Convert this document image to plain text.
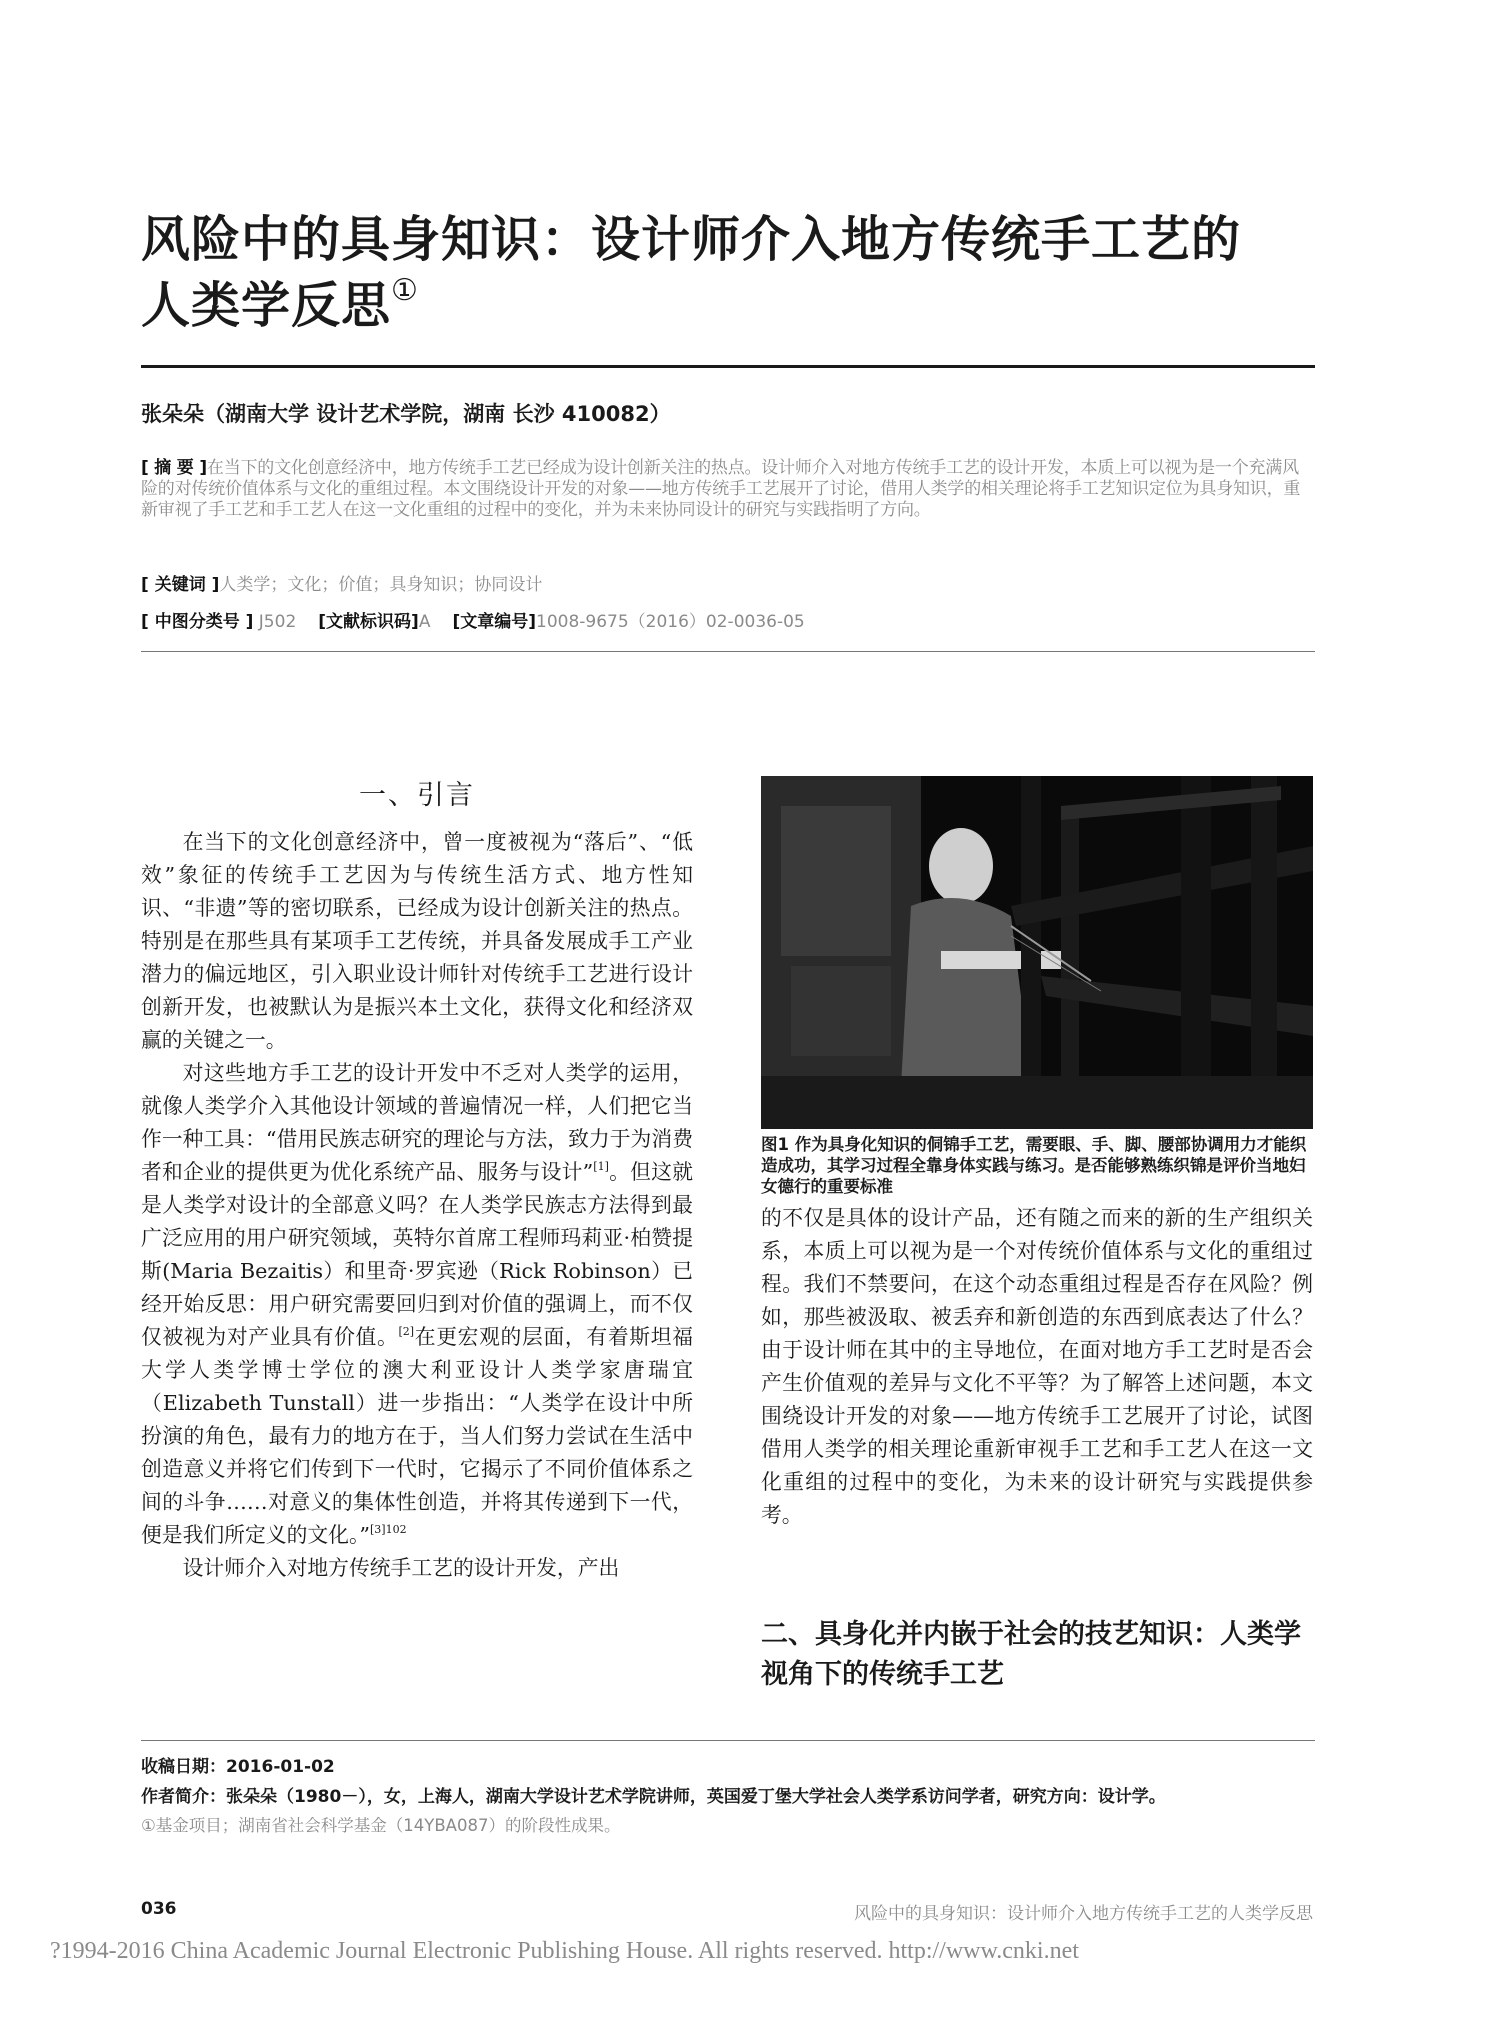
风险中的具身知识：设计师介入地方传统手工艺的
人类学反思①
张朵朵（湖南大学 设计艺术学院，湖南 长沙 410082）
[ 摘 要 ]在当下的文化创意经济中，地方传统手工艺已经成为设计创新关注的热点。设计师介入对地方传统手工艺的设计开发，本质上可以视为是一个充满风险的对传统价值体系与文化的重组过程。本文围绕设计开发的对象——地方传统手工艺展开了讨论，借用人类学的相关理论将手工艺知识定位为具身知识，重新审视了手工艺和手工艺人在这一文化重组的过程中的变化，并为未来协同设计的研究与实践指明了方向。
[ 关键词 ]人类学；文化；价值；具身知识；协同设计
[ 中图分类号 ] J502 [文献标识码]A [文章编号]1008-9675（2016）02-0036-05
一、引言

在当下的文化创意经济中，曾一度被视为“落后”、“低效”象征的传统手工艺因为与传统生活方式、地方性知识、“非遗”等的密切联系，已经成为设计创新关注的热点。特别是在那些具有某项手工艺传统，并具备发展成手工产业潜力的偏远地区，引入职业设计师针对传统手工艺进行设计创新开发，也被默认为是振兴本土文化，获得文化和经济双赢的关键之一。

对这些地方手工艺的设计开发中不乏对人类学的运用，就像人类学介入其他设计领域的普遍情况一样，人们把它当作一种工具：“借用民族志研究的理论与方法，致力于为消费者和企业的提供更为优化系统产品、服务与设计”[1]。但这就是人类学对设计的全部意义吗？在人类学民族志方法得到最广泛应用的用户研究领域，英特尔首席工程师玛莉亚·柏赞提斯(Maria Bezaitis）和里奇·罗宾逊（Rick Robinson）已经开始反思：用户研究需要回归到对价值的强调上，而不仅仅被视为对产业具有价值。[2]在更宏观的层面，有着斯坦福大学人类学博士学位的澳大利亚设计人类学家唐瑞宜（Elizabeth Tunstall）进一步指出：“人类学在设计中所扮演的角色，最有力的地方在于，当人们努力尝试在生活中创造意义并将它们传到下一代时，它揭示了不同价值体系之间的斗争……对意义的集体性创造，并将其传递到下一代，便是我们所定义的文化。”$^{[3]102}$

设计师介入对地方传统手工艺的设计开发，产出

图1 作为具身化知识的侗锦手工艺，需要眼、手、脚、腰部协调用力才能织造成功，其学习过程全靠身体实践与练习。是否能够熟练织锦是评价当地妇女德行的重要标准

的不仅是具体的设计产品，还有随之而来的新的生产组织关系，本质上可以视为是一个对传统价值体系与文化的重组过程。我们不禁要问，在这个动态重组过程是否存在风险？例如，那些被汲取、被丢弃和新创造的东西到底表达了什么？由于设计师在其中的主导地位，在面对地方手工艺时是否会产生价值观的差异与文化不平等？为了解答上述问题，本文围绕设计开发的对象——地方传统手工艺展开了讨论，试图借用人类学的相关理论重新审视手工艺和手工艺人在这一文化重组的过程中的变化，为未来的设计研究与实践提供参考。

二、具身化并内嵌于社会的技艺知识：人类学视角下的传统手工艺
收稿日期：2016-01-02
作者简介：张朵朵（1980－），女，上海人，湖南大学设计艺术学院讲师，英国爱丁堡大学社会人类学系访问学者，研究方向：设计学。
①基金项目；湖南省社会科学基金（14YBA087）的阶段性成果。
036	风险中的具身知识：设计师介入地方传统手工艺的人类学反思
?1994-2016 China Academic Journal Electronic Publishing House. All rights reserved. http://www.cnki.net
